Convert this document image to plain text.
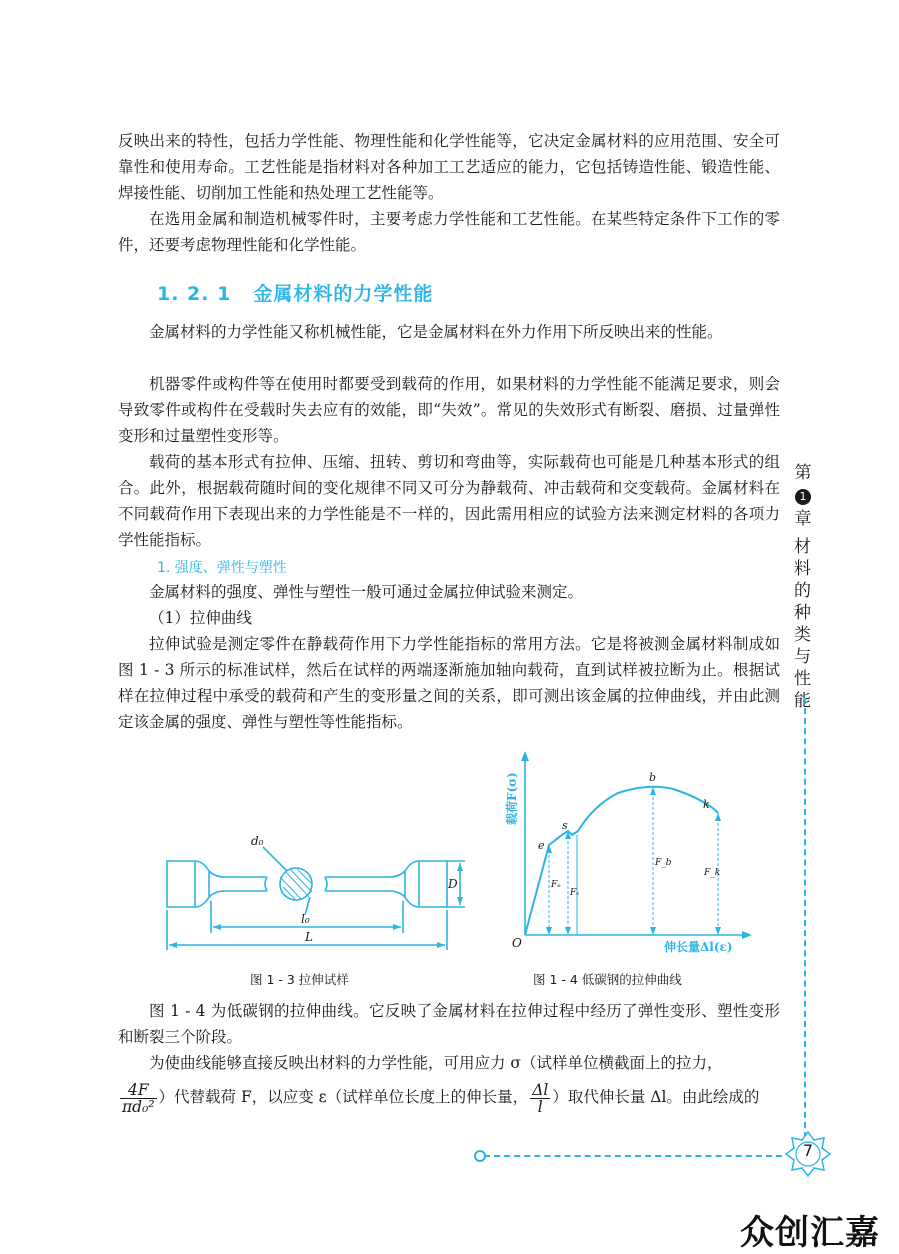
反映出来的特性，包括力学性能、物理性能和化学性能等，它决定金属材料的应用范围、安全可靠性和使用寿命。工艺性能是指材料对各种加工工艺适应的能力，它包括铸造性能、锻造性能、焊接性能、切削加工性能和热处理工艺性能等。
在选用金属和制造机械零件时，主要考虑力学性能和工艺性能。在某些特定条件下工作的零件，还要考虑物理性能和化学性能。
1. 2. 1 金属材料的力学性能
金属材料的力学性能又称机械性能，它是金属材料在外力作用下所反映出来的性能。
机器零件或构件等在使用时都要受到载荷的作用，如果材料的力学性能不能满足要求，则会导致零件或构件在受载时失去应有的效能，即“失效”。常见的失效形式有断裂、磨损、过量弹性变形和过量塑性变形等。
载荷的基本形式有拉伸、压缩、扭转、剪切和弯曲等，实际载荷也可能是几种基本形式的组合。此外，根据载荷随时间的变化规律不同又可分为静载荷、冲击载荷和交变载荷。金属材料在不同载荷作用下表现出来的力学性能是不一样的，因此需用相应的试验方法来测定材料的各项力学性能指标。
1. 强度、弹性与塑性
金属材料的强度、弹性与塑性一般可通过金属拉伸试验来测定。
（1）拉伸曲线
拉伸试验是测定零件在静载荷作用下力学性能指标的常用方法。它是将被测金属材料制成如图 1 - 3 所示的标准试样，然后在试样的两端逐渐施加轴向载荷，直到试样被拉断为止。根据试样在拉伸过程中承受的载荷和产生的变形量之间的关系，即可测出该金属的拉伸曲线，并由此测定该金属的强度、弹性与塑性等性能指标。
d₀
l₀
L
D
载荷F(σ)
伸长量Δl(ε)
O
e
s
b
k
Fₑ
Fₛ
F_b
F_k
图 1 - 3 拉伸试样	图 1 - 4 低碳钢的拉伸曲线
图 1 - 4 为低碳钢的拉伸曲线。它反映了金属材料在拉伸过程中经历了弹性变形、塑性变形和断裂三个阶段。
为使曲线能够直接反映出材料的力学性能，可用应力 σ（试样单位横截面上的拉力，
$\frac{4F}{\text{πd₀²}}$ ）代替载荷 F，以应变 ε（试样单位长度上的伸长量， $\frac{\Delta l}{l}$ ）取代伸长量 Δl。由此绘成的
第
1
章
材
料
的
种
类
与
性
能
7
众创汇嘉
